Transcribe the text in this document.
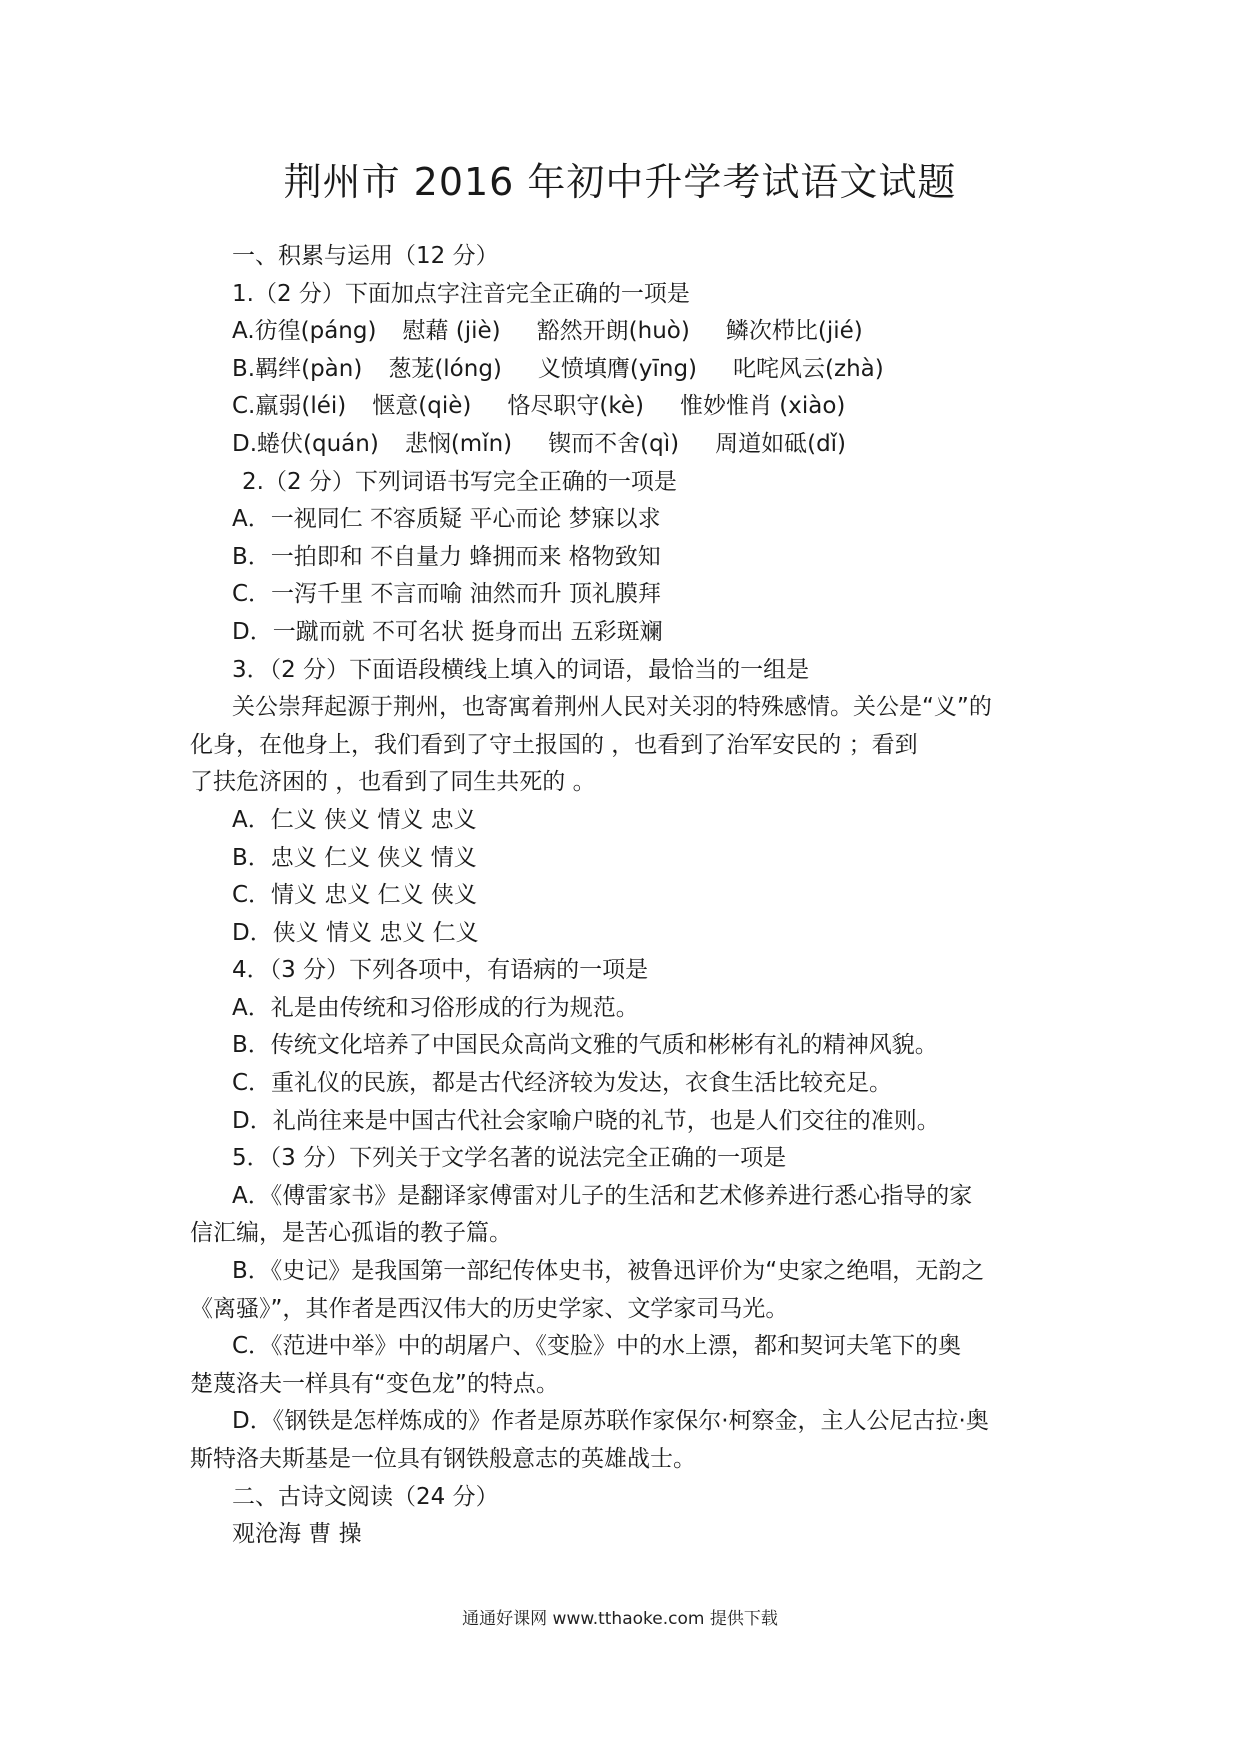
荆州市 2016 年初中升学考试语文试题
一、积累与运用（12 分）
1.（2 分）下面加点字注音完全正确的一项是
A.彷徨(páng) 慰藉 (jiè) 豁然开朗(huò) 鳞次栉比(jié)
B.羁绊(pàn) 葱茏(lóng) 义愤填膺(yīng) 叱咤风云(zhà)
C.羸弱(léi) 惬意(qiè) 恪尽职守(kè) 惟妙惟肖 (xiào)
D.蜷伏(quán) 悲悯(mǐn) 锲而不舍(qì) 周道如砥(dǐ)
2.（2 分）下列词语书写完全正确的一项是
A．一视同仁 不容质疑 平心而论 梦寐以求
B．一拍即和 不自量力 蜂拥而来 格物致知
C．一泻千里 不言而喻 油然而升 顶礼膜拜
D．一蹴而就 不可名状 挺身而出 五彩斑斓
3．（2 分）下面语段横线上填入的词语，最恰当的一组是
关公崇拜起源于荆州，也寄寓着荆州人民对关羽的特殊感情。关公是“义”的
化身，在他身上，我们看到了守土报国的 ，也看到了治军安民的 ；看到
了扶危济困的 ，也看到了同生共死的 。
A．仁义 侠义 情义 忠义
B．忠义 仁义 侠义 情义
C．情义 忠义 仁义 侠义
D．侠义 情义 忠义 仁义
4．（3 分）下列各项中，有语病的一项是
A．礼是由传统和习俗形成的行为规范。
B．传统文化培养了中国民众高尚文雅的气质和彬彬有礼的精神风貌。
C．重礼仪的民族，都是古代经济较为发达，衣食生活比较充足。
D．礼尚往来是中国古代社会家喻户晓的礼节，也是人们交往的准则。
5．（3 分）下列关于文学名著的说法完全正确的一项是
A．《傅雷家书》是翻译家傅雷对儿子的生活和艺术修养进行悉心指导的家
信汇编，是苦心孤诣的教子篇。
B．《史记》是我国第一部纪传体史书，被鲁迅评价为“史家之绝唱，无韵之
《离骚》”，其作者是西汉伟大的历史学家、文学家司马光。
C．《范进中举》中的胡屠户、《变脸》中的水上漂，都和契诃夫笔下的奥
楚蔑洛夫一样具有“变色龙”的特点。
D．《钢铁是怎样炼成的》作者是原苏联作家保尔·柯察金，主人公尼古拉·奥
斯特洛夫斯基是一位具有钢铁般意志的英雄战士。
二、古诗文阅读（24 分）
观沧海 曹 操
通通好课网 www.tthaoke.com 提供下载
